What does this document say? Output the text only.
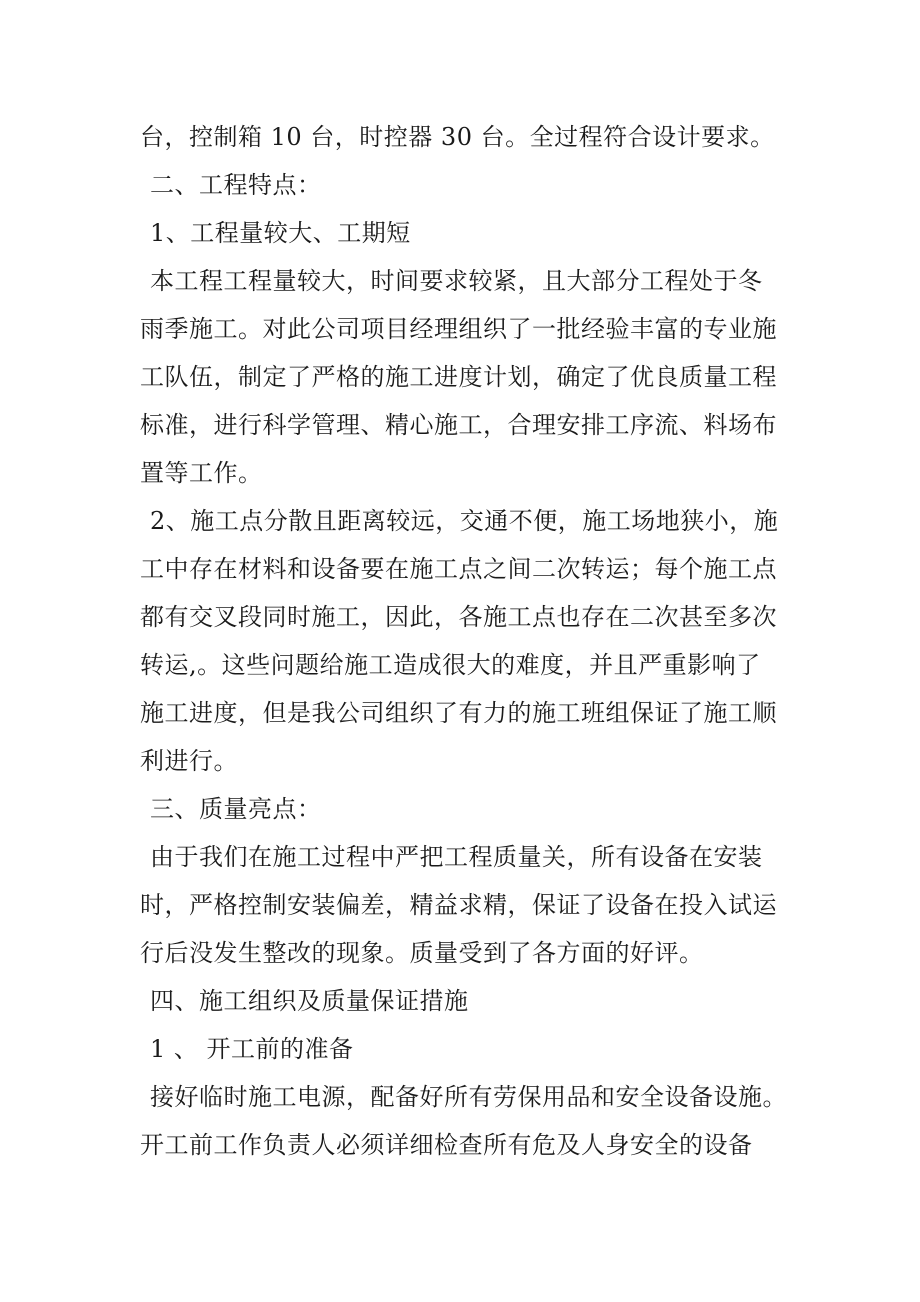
台，控制箱 10 台，时控器 30 台。全过程符合设计要求。
二、工程特点：
1、工程量较大、工期短
本工程工程量较大，时间要求较紧，且大部分工程处于冬
雨季施工。对此公司项目经理组织了一批经验丰富的专业施
工队伍，制定了严格的施工进度计划，确定了优良质量工程
标准，进行科学管理、精心施工，合理安排工序流、料场布
置等工作。
2、施工点分散且距离较远，交通不便，施工场地狭小，施
工中存在材料和设备要在施工点之间二次转运；每个施工点
都有交叉段同时施工，因此，各施工点也存在二次甚至多次
转运,。这些问题给施工造成很大的难度，并且严重影响了
施工进度，但是我公司组织了有力的施工班组保证了施工顺
利进行。
三、质量亮点：
由于我们在施工过程中严把工程质量关，所有设备在安装
时，严格控制安装偏差，精益求精，保证了设备在投入试运
行后没发生整改的现象。质量受到了各方面的好评。
四、施工组织及质量保证措施
1 、 开工前的准备
接好临时施工电源，配备好所有劳保用品和安全设备设施。
开工前工作负责人必须详细检查所有危及人身安全的设备
